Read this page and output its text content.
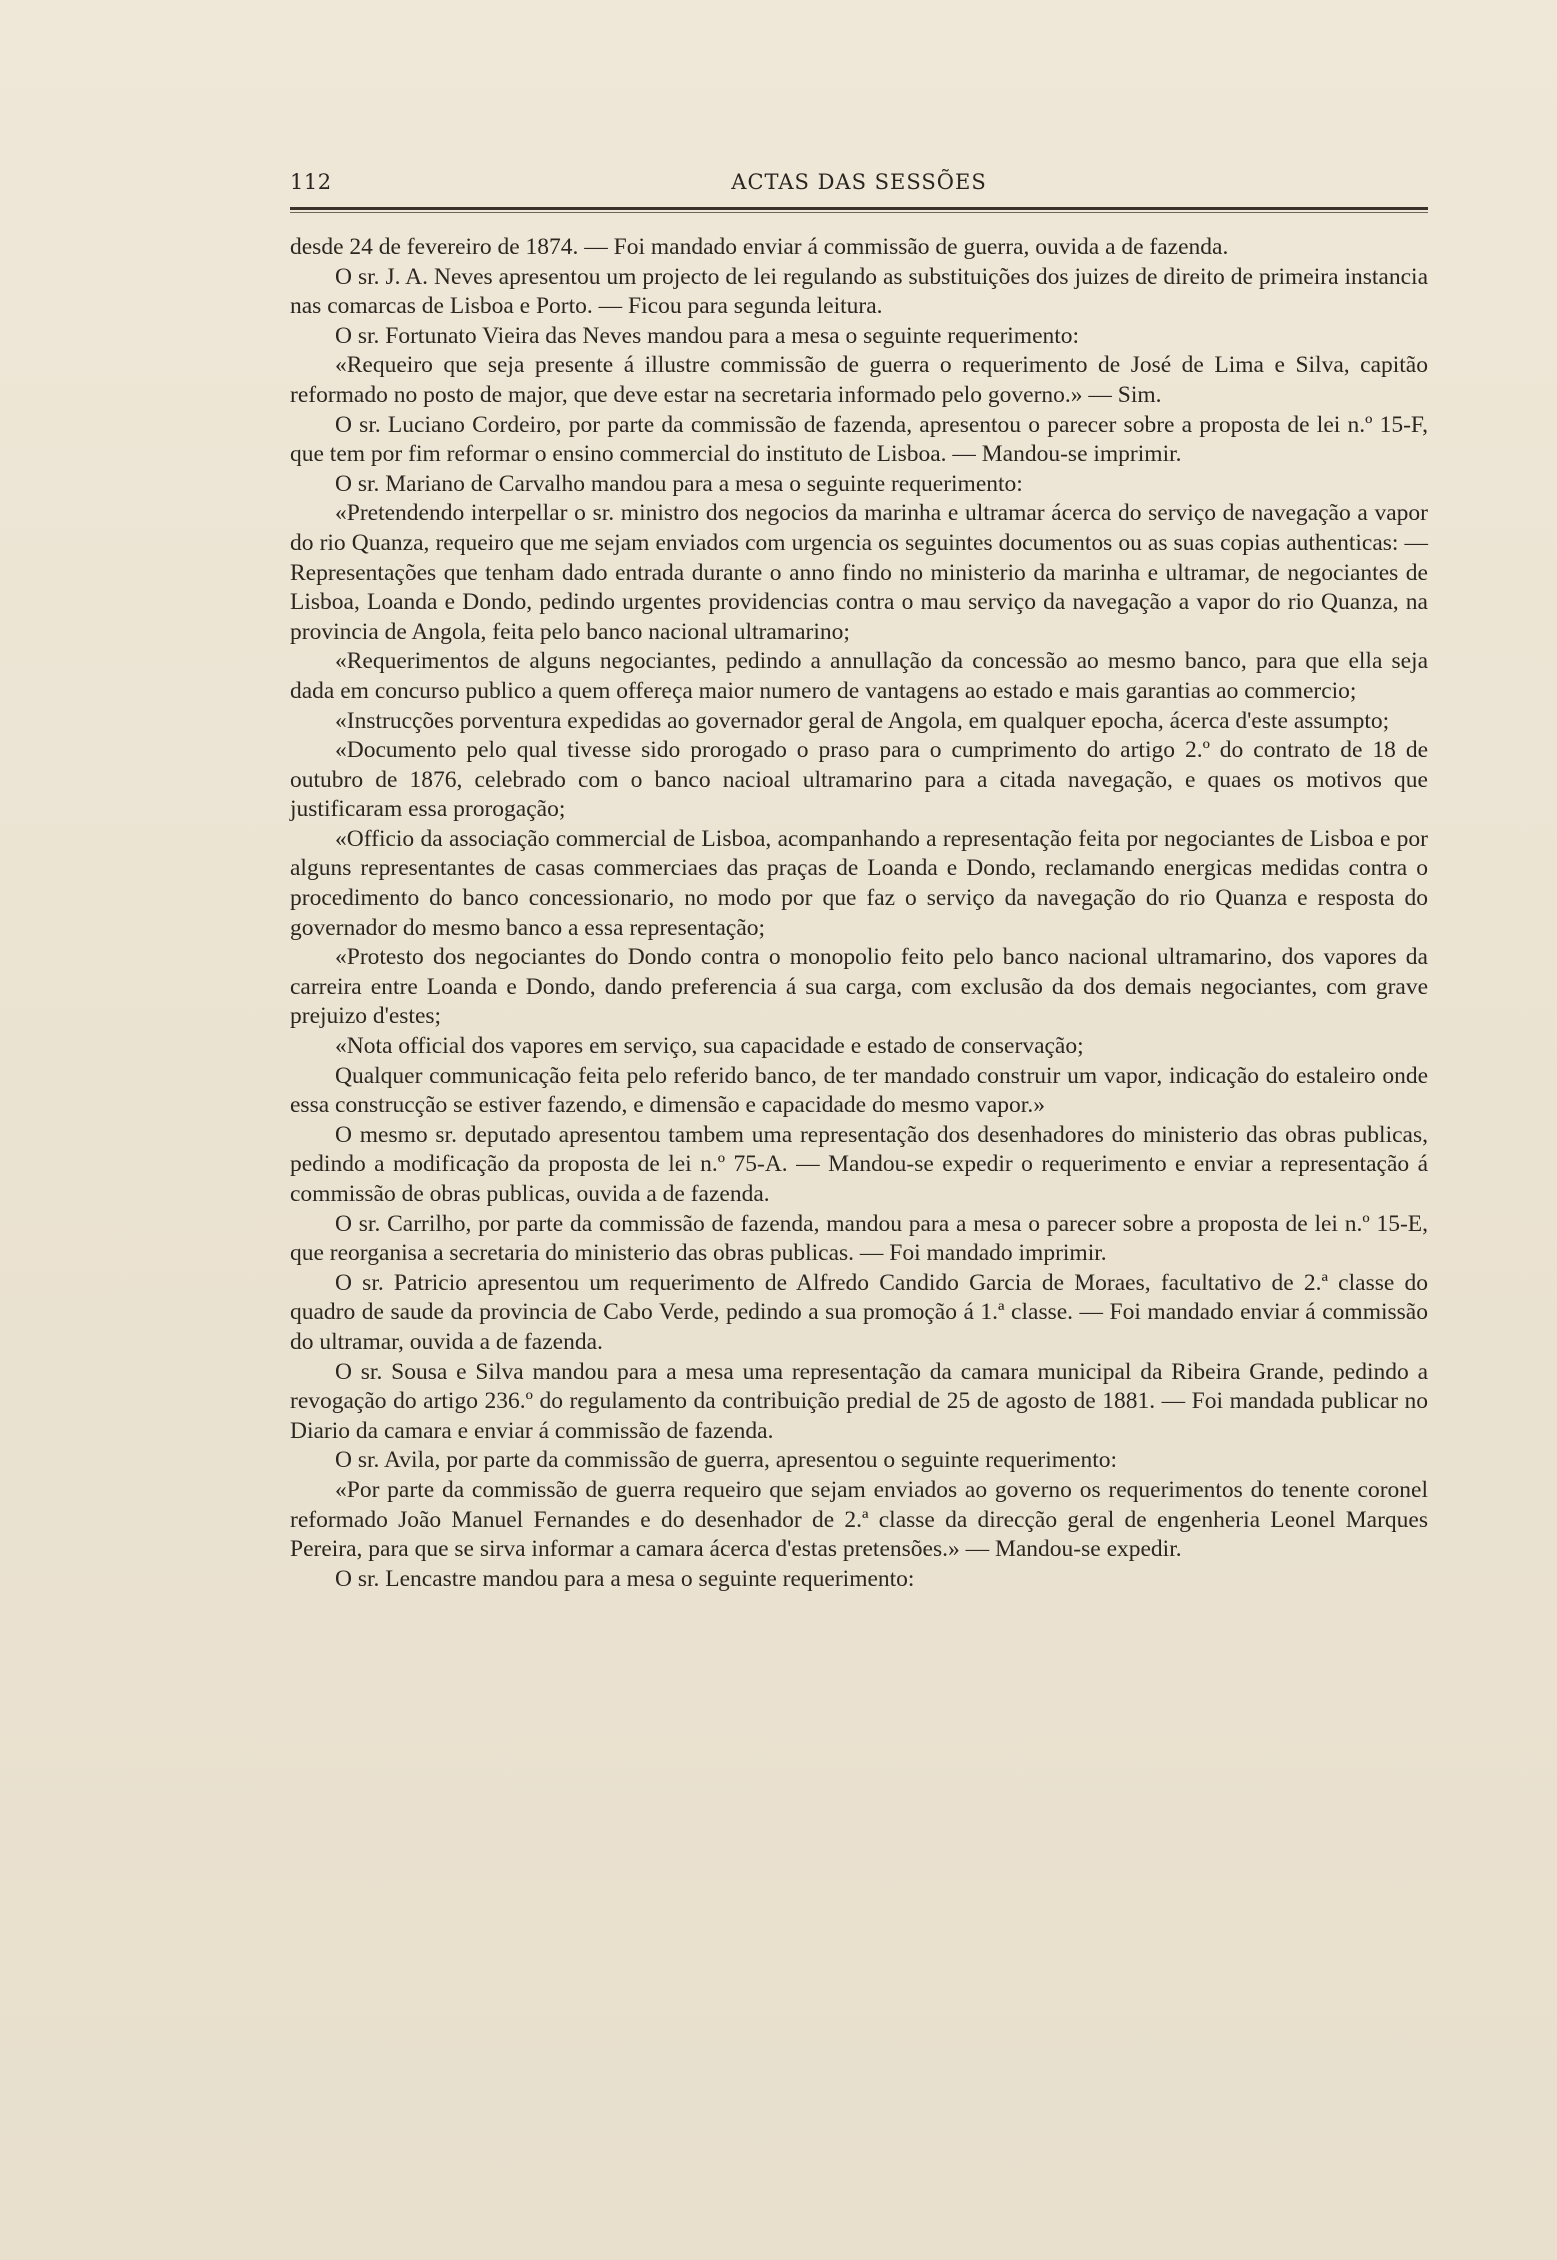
112	ACTAS DAS SESSÕES

desde 24 de fevereiro de 1874. — Foi mandado enviar á commissão de guerra, ouvida a de fazenda.

O sr. J. A. Neves apresentou um projecto de lei regulando as substituições dos juizes de direito de primeira instancia nas comarcas de Lisboa e Porto. — Ficou para segunda leitura.

O sr. Fortunato Vieira das Neves mandou para a mesa o seguinte requerimento:

«Requeiro que seja presente á illustre commissão de guerra o requerimento de José de Lima e Silva, capitão reformado no posto de major, que deve estar na secretaria informado pelo governo.» — Sim.

O sr. Luciano Cordeiro, por parte da commissão de fazenda, apresentou o parecer sobre a proposta de lei n.º 15-F, que tem por fim reformar o ensino commercial do instituto de Lisboa. — Mandou-se imprimir.

O sr. Mariano de Carvalho mandou para a mesa o seguinte requerimento:

«Pretendendo interpellar o sr. ministro dos negocios da marinha e ultramar ácerca do serviço de navegação a vapor do rio Quanza, requeiro que me sejam enviados com urgencia os seguintes documentos ou as suas copias authenticas: — Representações que tenham dado entrada durante o anno findo no ministerio da marinha e ultramar, de negociantes de Lisboa, Loanda e Dondo, pedindo urgentes providencias contra o mau serviço da navegação a vapor do rio Quanza, na provincia de Angola, feita pelo banco nacional ultramarino;

«Requerimentos de alguns negociantes, pedindo a annullação da concessão ao mesmo banco, para que ella seja dada em concurso publico a quem offereça maior numero de vantagens ao estado e mais garantias ao commercio;

«Instrucções porventura expedidas ao governador geral de Angola, em qualquer epocha, ácerca d'este assumpto;

«Documento pelo qual tivesse sido prorogado o praso para o cumprimento do artigo 2.º do contrato de 18 de outubro de 1876, celebrado com o banco nacioal ultramarino para a citada navegação, e quaes os motivos que justificaram essa prorogação;

«Officio da associação commercial de Lisboa, acompanhando a representação feita por negociantes de Lisboa e por alguns representantes de casas commerciaes das praças de Loanda e Dondo, reclamando energicas medidas contra o procedimento do banco concessionario, no modo por que faz o serviço da navegação do rio Quanza e resposta do governador do mesmo banco a essa representação;

«Protesto dos negociantes do Dondo contra o monopolio feito pelo banco nacional ultramarino, dos vapores da carreira entre Loanda e Dondo, dando preferencia á sua carga, com exclusão da dos demais negociantes, com grave prejuizo d'estes;

«Nota official dos vapores em serviço, sua capacidade e estado de conservação;

Qualquer communicação feita pelo referido banco, de ter mandado construir um vapor, indicação do estaleiro onde essa construcção se estiver fazendo, e dimensão e capacidade do mesmo vapor.»

O mesmo sr. deputado apresentou tambem uma representação dos desenhadores do ministerio das obras publicas, pedindo a modificação da proposta de lei n.º 75-A. — Mandou-se expedir o requerimento e enviar a representação á commissão de obras publicas, ouvida a de fazenda.

O sr. Carrilho, por parte da commissão de fazenda, mandou para a mesa o parecer sobre a proposta de lei n.º 15-E, que reorganisa a secretaria do ministerio das obras publicas. — Foi mandado imprimir.

O sr. Patricio apresentou um requerimento de Alfredo Candido Garcia de Moraes, facultativo de 2.ª classe do quadro de saude da provincia de Cabo Verde, pedindo a sua promoção á 1.ª classe. — Foi mandado enviar á commissão do ultramar, ouvida a de fazenda.

O sr. Sousa e Silva mandou para a mesa uma representação da camara municipal da Ribeira Grande, pedindo a revogação do artigo 236.º do regulamento da contribuição predial de 25 de agosto de 1881. — Foi mandada publicar no Diario da camara e enviar á commissão de fazenda.

O sr. Avila, por parte da commissão de guerra, apresentou o seguinte requerimento:

«Por parte da commissão de guerra requeiro que sejam enviados ao governo os requerimentos do tenente coronel reformado João Manuel Fernandes e do desenhador de 2.ª classe da direcção geral de engenheria Leonel Marques Pereira, para que se sirva informar a camara ácerca d'estas pretensões.» — Mandou-se expedir.

O sr. Lencastre mandou para a mesa o seguinte requerimento:
